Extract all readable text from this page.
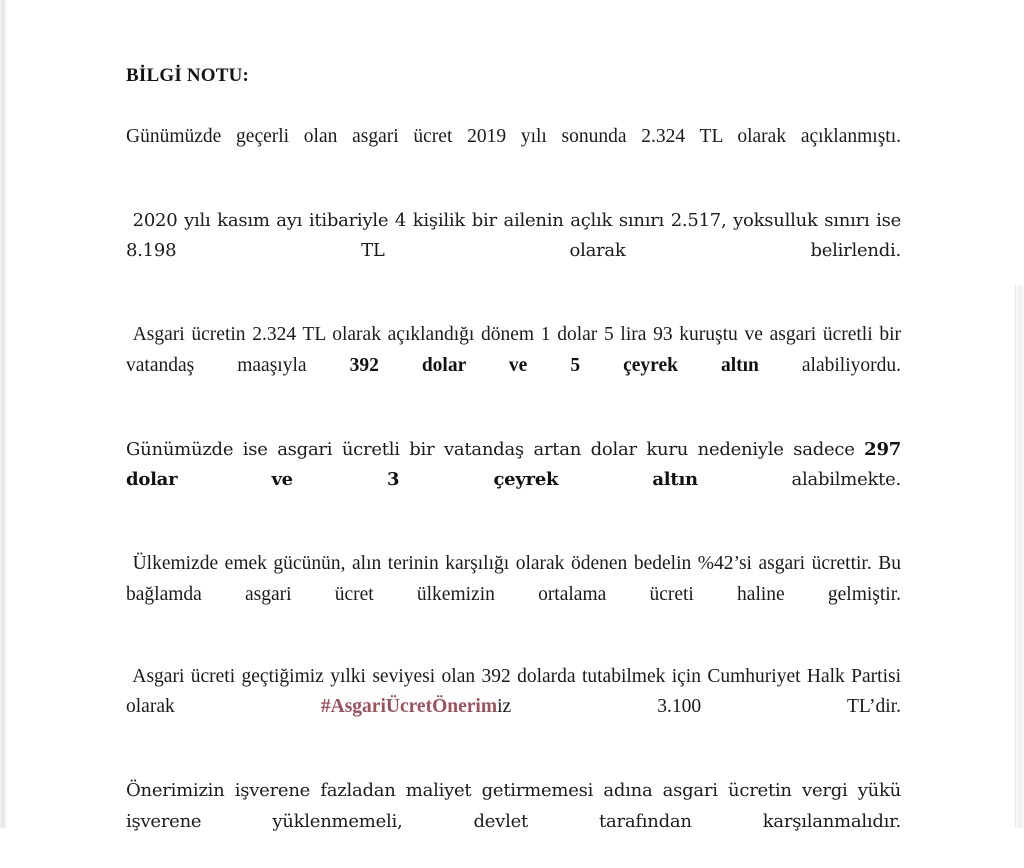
BİLGİ NOTU:

Günümüzde geçerli olan asgari ücret 2019 yılı sonunda 2.324 TL olarak açıklanmıştı.

2020 yılı kasım ayı itibariyle 4 kişilik bir ailenin açlık sınırı 2.517, yoksulluk sınırı ise 8.198 TL olarak belirlendi.

Asgari ücretin 2.324 TL olarak açıklandığı dönem 1 dolar 5 lira 93 kuruştu ve asgari ücretli bir vatandaş maaşıyla 392 dolar ve 5 çeyrek altın alabiliyordu.

Günümüzde ise asgari ücretli bir vatandaş artan dolar kuru nedeniyle sadece 297 dolar ve 3 çeyrek altın alabilmekte.

Ülkemizde emek gücünün, alın terinin karşılığı olarak ödenen bedelin %42’si asgari ücrettir. Bu bağlamda asgari ücret ülkemizin ortalama ücreti haline gelmiştir.

Asgari ücreti geçtiğimiz yılki seviyesi olan 392 dolarda tutabilmek için Cumhuriyet Halk Partisi olarak #AsgariÜcretÖnerimiz 3.100 TL’dir.

Önerimizin işverene fazladan maliyet getirmemesi adına asgari ücretin vergi yükü işverene yüklenmemeli, devlet tarafından karşılanmalıdır.
